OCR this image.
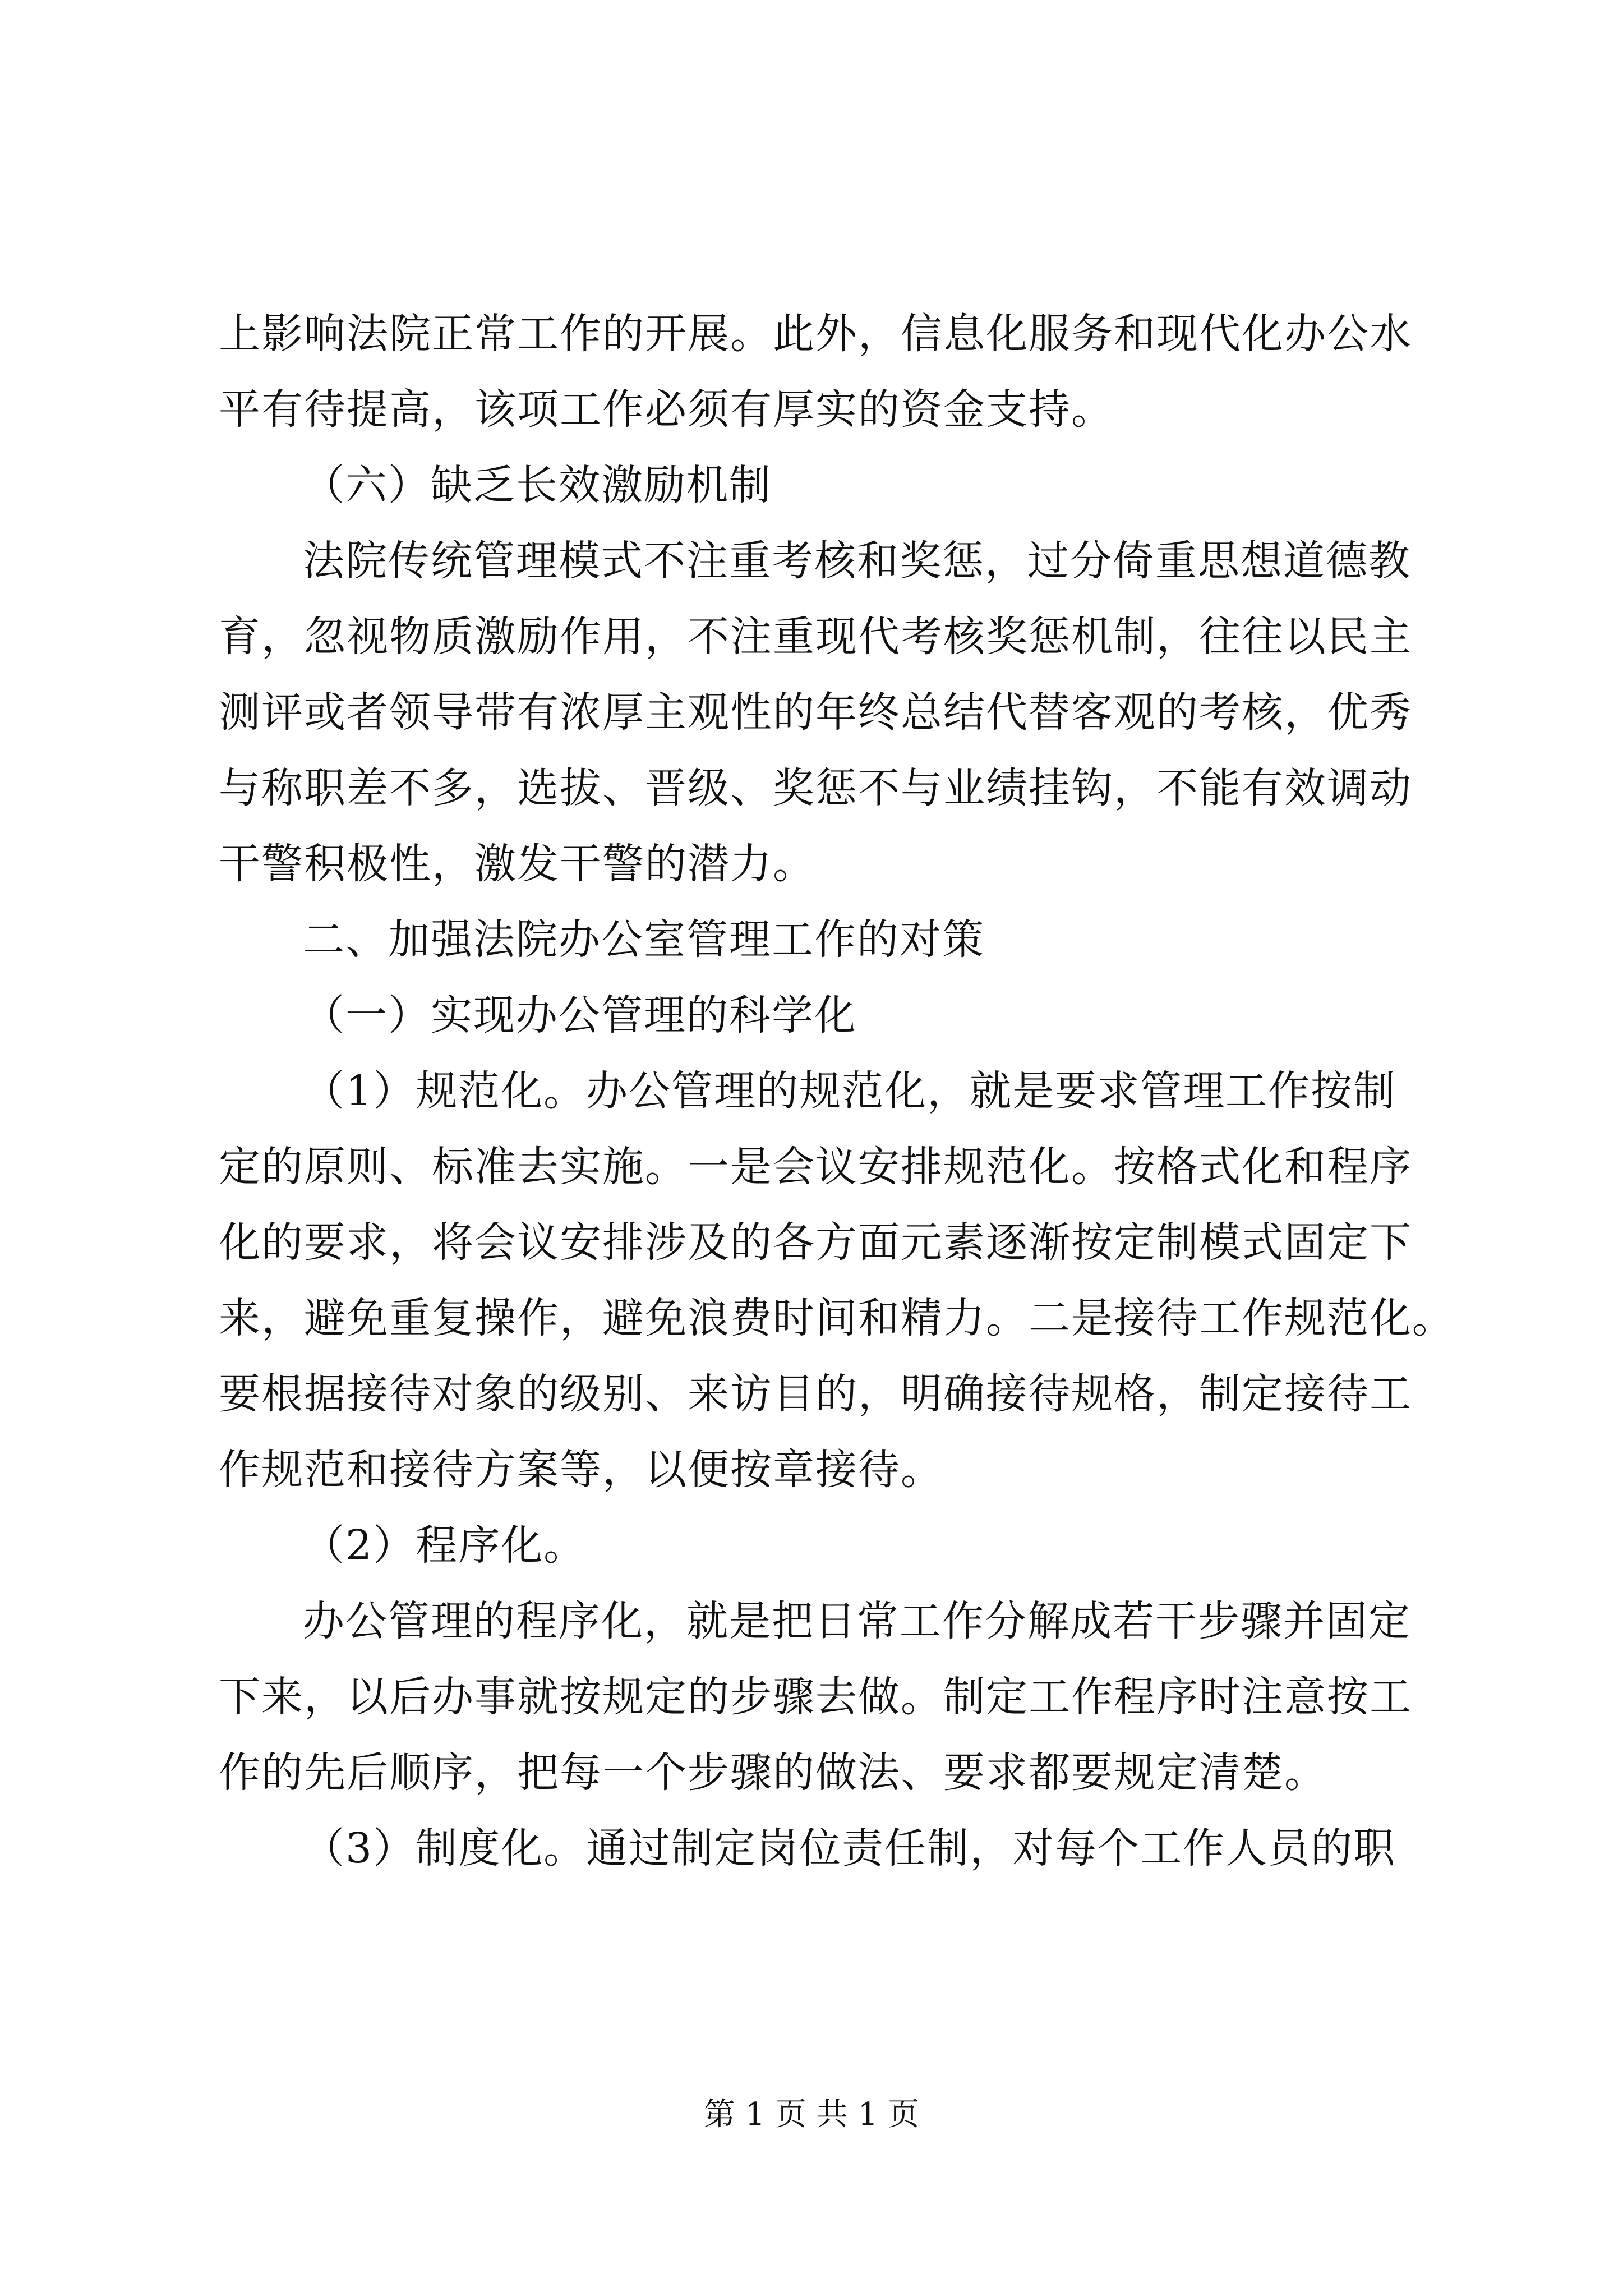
上影响法院正常工作的开展。此外，信息化服务和现代化办公水
平有待提高，该项工作必须有厚实的资金支持。
（六）缺乏长效激励机制
法院传统管理模式不注重考核和奖惩，过分倚重思想道德教
育，忽视物质激励作用，不注重现代考核奖惩机制，往往以民主
测评或者领导带有浓厚主观性的年终总结代替客观的考核，优秀
与称职差不多，选拔、晋级、奖惩不与业绩挂钩，不能有效调动
干警积极性，激发干警的潜力。
二、加强法院办公室管理工作的对策
（一）实现办公管理的科学化
（1）规范化。办公管理的规范化，就是要求管理工作按制
定的原则、标准去实施。一是会议安排规范化。按格式化和程序
化的要求，将会议安排涉及的各方面元素逐渐按定制模式固定下
来，避免重复操作，避免浪费时间和精力。二是接待工作规范化。
要根据接待对象的级别、来访目的，明确接待规格，制定接待工
作规范和接待方案等，以便按章接待。
（2）程序化。
办公管理的程序化，就是把日常工作分解成若干步骤并固定
下来，以后办事就按规定的步骤去做。制定工作程序时注意按工
作的先后顺序，把每一个步骤的做法、要求都要规定清楚。
（3）制度化。通过制定岗位责任制，对每个工作人员的职
第 1 页 共 1 页
